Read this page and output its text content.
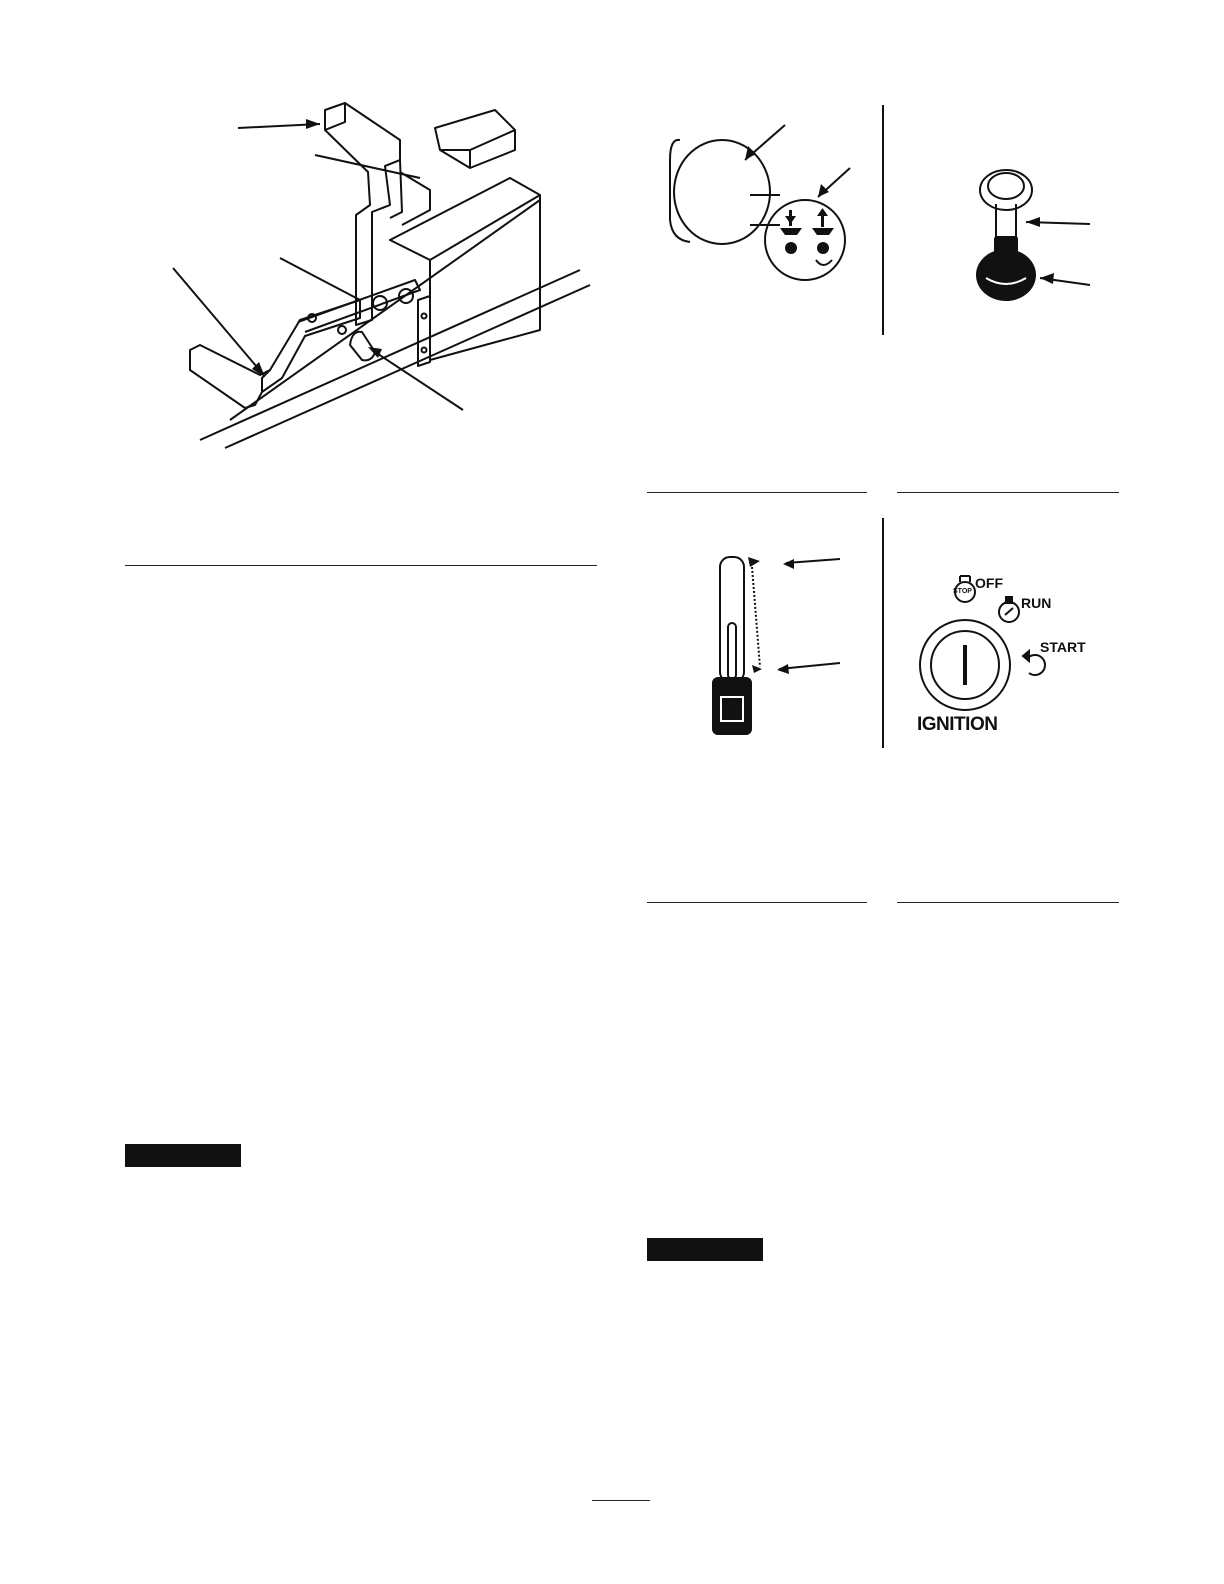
STOP
OFF
RUN
START
IGNITION
